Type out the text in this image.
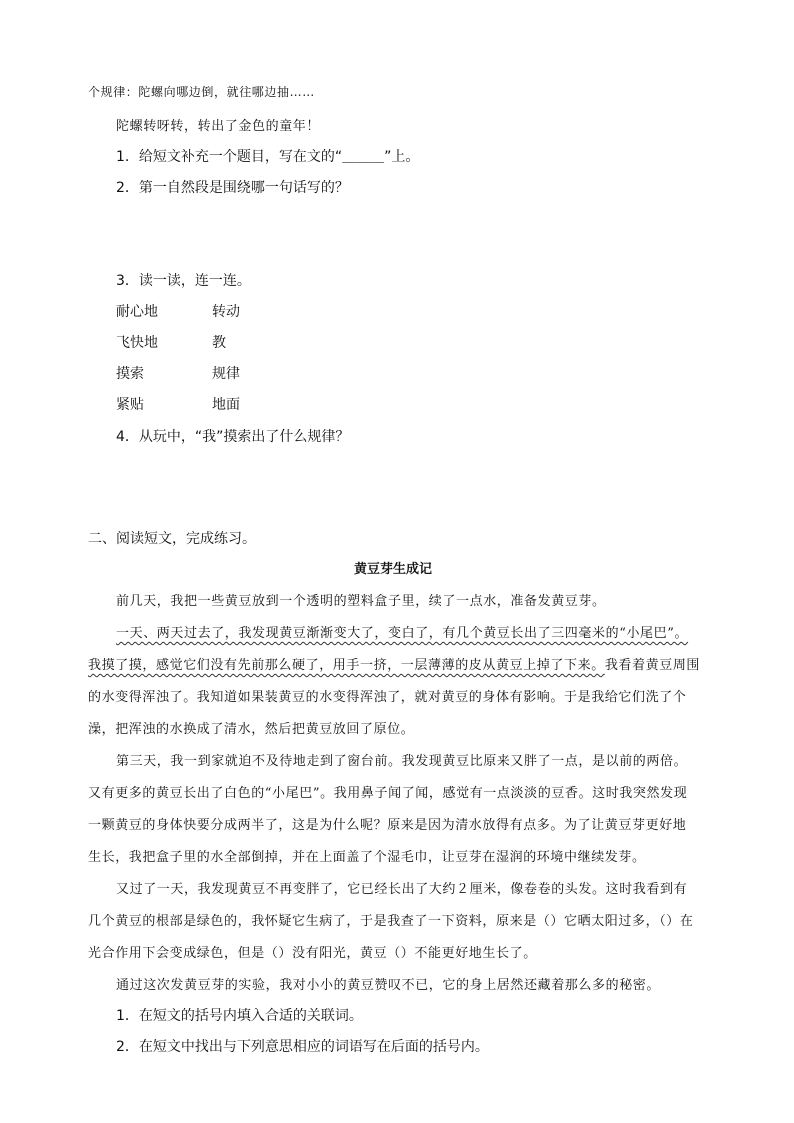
个规律：陀螺向哪边倒，就往哪边抽……
陀螺转呀转，转出了金色的童年！
1．给短文补充一个题目，写在文的“＿＿＿”上。
2．第一自然段是围绕哪一句话写的？
3．读一读，连一连。
耐心地	转动
飞快地	教
摸索	规律
紧贴	地面
4．从玩中，“我”摸索出了什么规律？
二、阅读短文，完成练习。
黄豆芽生成记
前几天，我把一些黄豆放到一个透明的塑料盒子里，续了一点水，准备发黄豆芽。
一天、两天过去了，我发现黄豆渐渐变大了，变白了，有几个黄豆长出了三四毫米的“小尾巴”。
我摸了摸，感觉它们没有先前那么硬了，用手一挤，一层薄薄的皮从黄豆上掉了下来。我看着黄豆周围
的水变得浑浊了。我知道如果装黄豆的水变得浑浊了，就对黄豆的身体有影响。于是我给它们洗了个
澡，把浑浊的水换成了清水，然后把黄豆放回了原位。
第三天，我一到家就迫不及待地走到了窗台前。我发现黄豆比原来又胖了一点，是以前的两倍。
又有更多的黄豆长出了白色的“小尾巴”。我用鼻子闻了闻，感觉有一点淡淡的豆香。这时我突然发现
一颗黄豆的身体快要分成两半了，这是为什么呢？原来是因为清水放得有点多。为了让黄豆芽更好地
生长，我把盒子里的水全部倒掉，并在上面盖了个湿毛巾，让豆芽在湿润的环境中继续发芽。
又过了一天，我发现黄豆不再变胖了，它已经长出了大约２厘米，像卷卷的头发。这时我看到有
几个黄豆的根部是绿色的，我怀疑它生病了，于是我查了一下资料，原来是（）它晒太阳过多，（）在
光合作用下会变成绿色，但是（）没有阳光，黄豆（）不能更好地生长了。
通过这次发黄豆芽的实验，我对小小的黄豆赞叹不已，它的身上居然还藏着那么多的秘密。
1．在短文的括号内填入合适的关联词。
2．在短文中找出与下列意思相应的词语写在后面的括号内。
